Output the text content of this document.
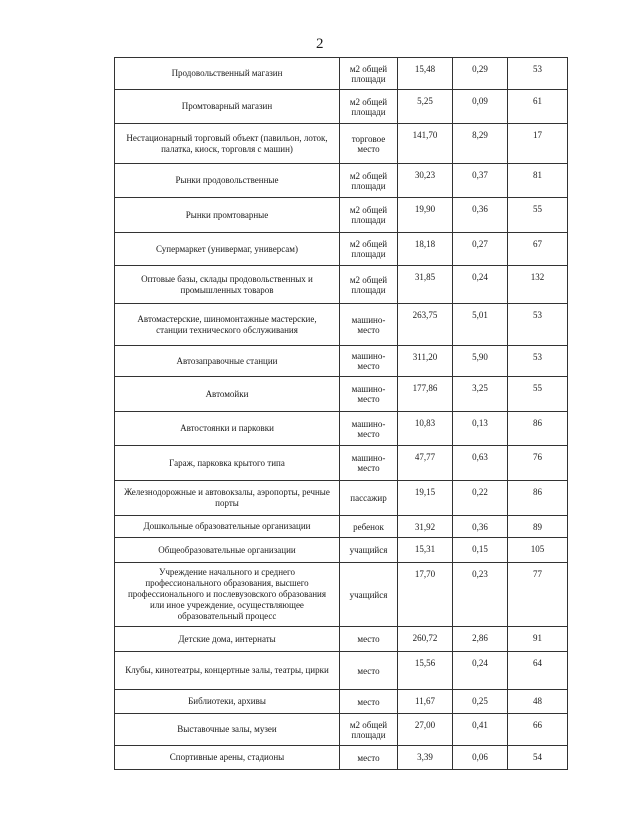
2
Продовольственный магазин	м2 общей площади	15,48	0,29	53
Промтоварный магазин	м2 общей площади	5,25	0,09	61
Нестационарный торговый объект (павильон, лоток, палатка, киоск, торговля с машин)	торговое место	141,70	8,29	17
Рынки продовольственные	м2 общей площади	30,23	0,37	81
Рынки промтоварные	м2 общей площади	19,90	0,36	55
Супермаркет (универмаг, универсам)	м2 общей площади	18,18	0,27	67
Оптовые базы, склады продовольственных и промышленных товаров	м2 общей площади	31,85	0,24	132
Автомастерские, шиномонтажные мастерские, станции технического обслуживания	машино-место	263,75	5,01	53
Автозаправочные станции	машино-место	311,20	5,90	53
Автомойки	машино-место	177,86	3,25	55
Автостоянки и парковки	машино-место	10,83	0,13	86
Гараж, парковка крытого типа	машино-место	47,77	0,63	76
Железнодорожные и автовокзалы, аэропорты, речные порты	пассажир	19,15	0,22	86
Дошкольные образовательные организации	ребенок	31,92	0,36	89
Общеобразовательные организации	учащийся	15,31	0,15	105
Учреждение начального и среднего профессионального образования, высшего профессионального и послевузовского образования или иное учреждение, осуществляющее образовательный процесс	учащийся	17,70	0,23	77
Детские дома, интернаты	место	260,72	2,86	91
Клубы, кинотеатры, концертные залы, театры, цирки	место	15,56	0,24	64
Библиотеки, архивы	место	11,67	0,25	48
Выставочные залы, музеи	м2 общей площади	27,00	0,41	66
Спортивные арены, стадионы	место	3,39	0,06	54
